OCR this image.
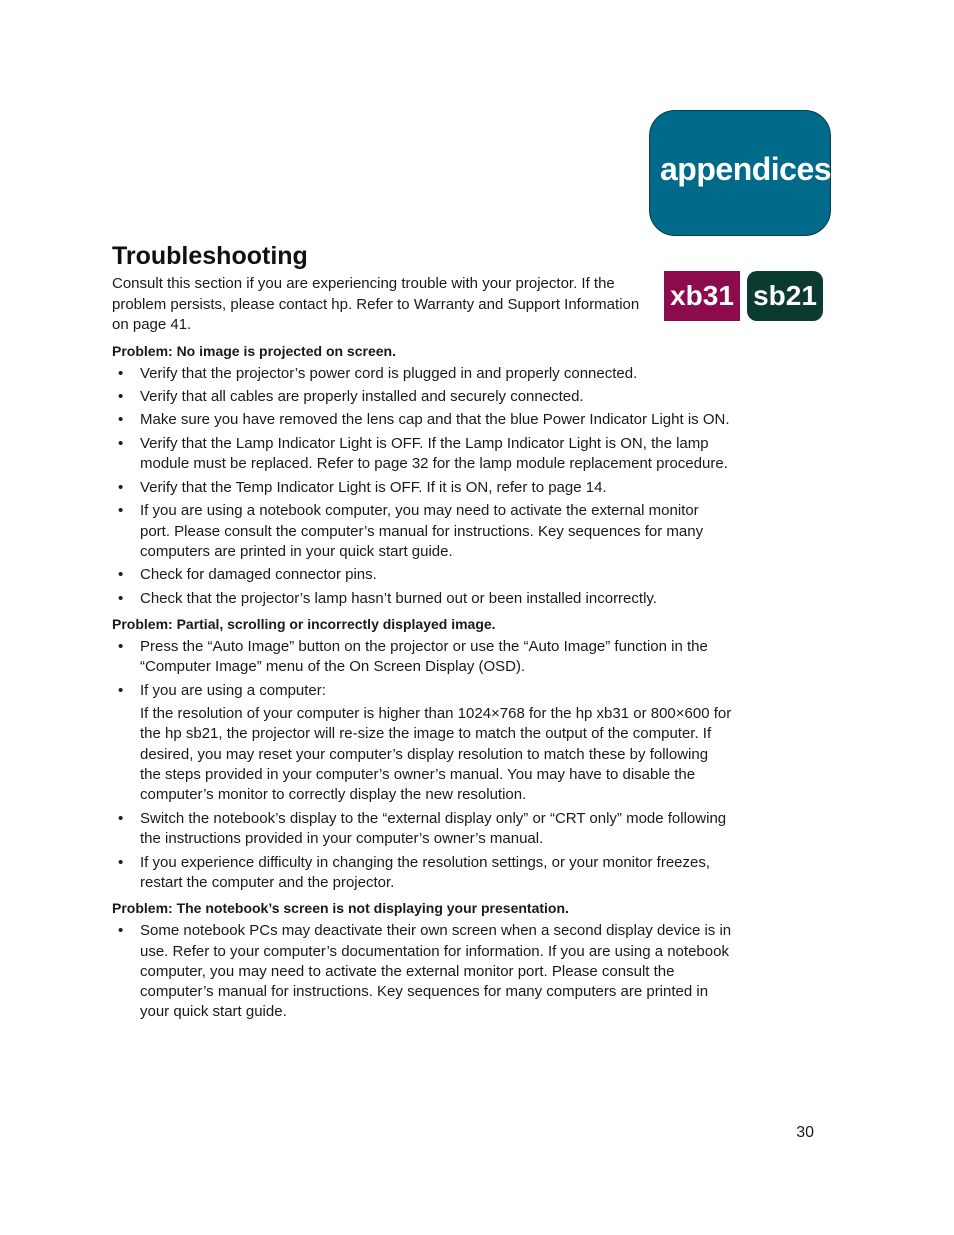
appendices
xb31 sb21
Troubleshooting

Consult this section if you are experiencing trouble with your projector. If the problem persists, please contact hp. Refer to Warranty and Support Information on page 41.

Problem: No image is projected on screen.
• Verify that the projector’s power cord is plugged in and properly connected.
• Verify that all cables are properly installed and securely connected.
• Make sure you have removed the lens cap and that the blue Power Indicator Light is ON.
• Verify that the Lamp Indicator Light is OFF. If the Lamp Indicator Light is ON, the lamp module must be replaced. Refer to page 32 for the lamp module replacement procedure.
• Verify that the Temp Indicator Light is OFF. If it is ON, refer to page 14.
• If you are using a notebook computer, you may need to activate the external monitor port. Please consult the computer’s manual for instructions. Key sequences for many computers are printed in your quick start guide.
• Check for damaged connector pins.
• Check that the projector’s lamp hasn’t burned out or been installed incorrectly.
Problem: Partial, scrolling or incorrectly displayed image.
• Press the “Auto Image” button on the projector or use the “Auto Image” function in the “Computer Image” menu of the On Screen Display (OSD).
• If you are using a computer:
If the resolution of your computer is higher than 1024×768 for the hp xb31 or 800×600 for the hp sb21, the projector will re-size the image to match the output of the computer. If desired, you may reset your computer’s display resolution to match these by following the steps provided in your computer’s owner’s manual. You may have to disable the computer’s monitor to correctly display the new resolution.
• Switch the notebook’s display to the “external display only” or “CRT only” mode following the instructions provided in your computer’s owner’s manual.
• If you experience difficulty in changing the resolution settings, or your monitor freezes, restart the computer and the projector.
Problem: The notebook’s screen is not displaying your presentation.
• Some notebook PCs may deactivate their own screen when a second display device is in use. Refer to your computer’s documentation for information. If you are using a notebook computer, you may need to activate the external monitor port. Please consult the computer’s manual for instructions. Key sequences for many computers are printed in your quick start guide.
30
